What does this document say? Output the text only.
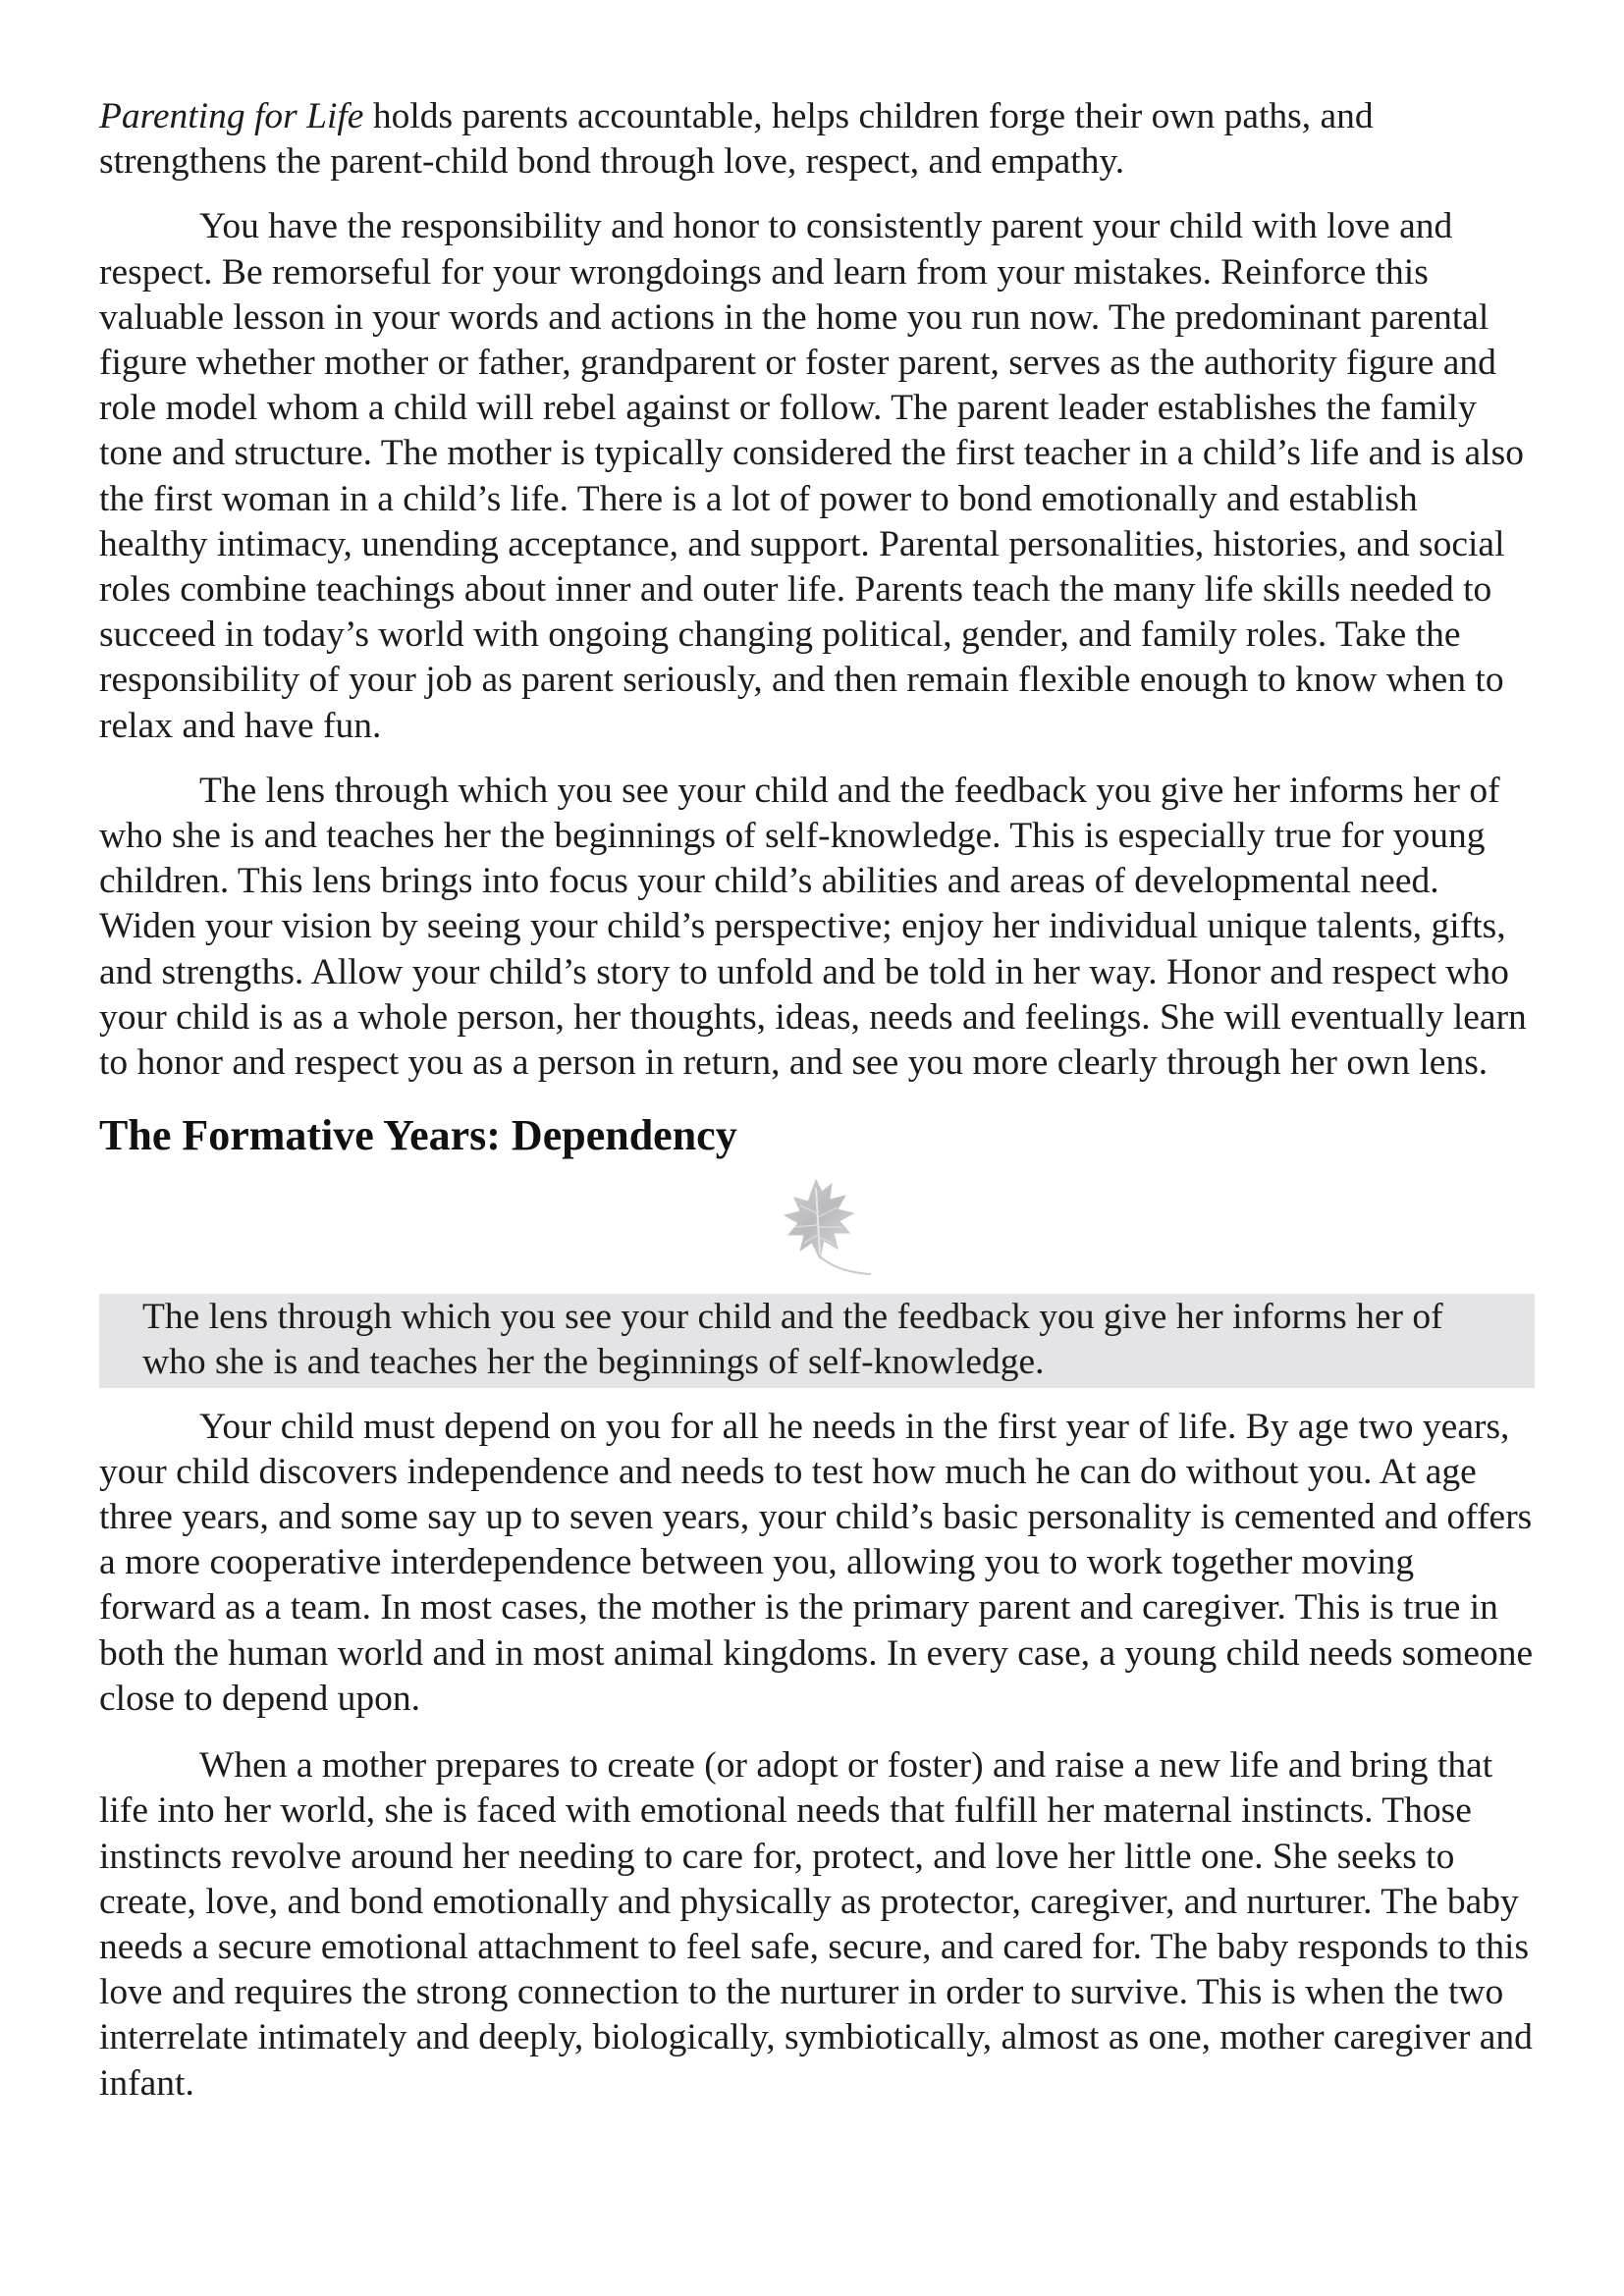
Parenting for Life holds parents accountable, helps children forge their own paths, and strengthens the parent-child bond through love, respect, and empathy.

You have the responsibility and honor to consistently parent your child with love and respect. Be remorseful for your wrongdoings and learn from your mistakes. Reinforce this valuable lesson in your words and actions in the home you run now. The predominant parental figure whether mother or father, grandparent or foster parent, serves as the authority figure and role model whom a child will rebel against or follow. The parent leader establishes the family tone and structure. The mother is typically considered the first teacher in a child’s life and is also the first woman in a child’s life. There is a lot of power to bond emotionally and establish healthy intimacy, unending acceptance, and support. Parental personalities, histories, and social roles combine teachings about inner and outer life. Parents teach the many life skills needed to succeed in today’s world with ongoing changing political, gender, and family roles. Take the responsibility of your job as parent seriously, and then remain flexible enough to know when to relax and have fun.

The lens through which you see your child and the feedback you give her informs her of who she is and teaches her the beginnings of self-knowledge. This is especially true for young children. This lens brings into focus your child’s abilities and areas of developmental need. Widen your vision by seeing your child’s perspective; enjoy her individual unique talents, gifts, and strengths. Allow your child’s story to unfold and be told in her way. Honor and respect who your child is as a whole person, her thoughts, ideas, needs and feelings. She will eventually learn to honor and respect you as a person in return, and see you more clearly through her own lens.

The Formative Years: Dependency

The lens through which you see your child and the feedback you give her informs her of who she is and teaches her the beginnings of self-knowledge.

Your child must depend on you for all he needs in the first year of life. By age two years, your child discovers independence and needs to test how much he can do without you. At age three years, and some say up to seven years, your child’s basic personality is cemented and offers a more cooperative interdependence between you, allowing you to work together moving forward as a team. In most cases, the mother is the primary parent and caregiver. This is true in both the human world and in most animal kingdoms. In every case, a young child needs someone close to depend upon.

When a mother prepares to create (or adopt or foster) and raise a new life and bring that life into her world, she is faced with emotional needs that fulfill her maternal instincts. Those instincts revolve around her needing to care for, protect, and love her little one. She seeks to create, love, and bond emotionally and physically as protector, caregiver, and nurturer. The baby needs a secure emotional attachment to feel safe, secure, and cared for. The baby responds to this love and requires the strong connection to the nurturer in order to survive. This is when the two interrelate intimately and deeply, biologically, symbiotically, almost as one, mother caregiver and infant.
